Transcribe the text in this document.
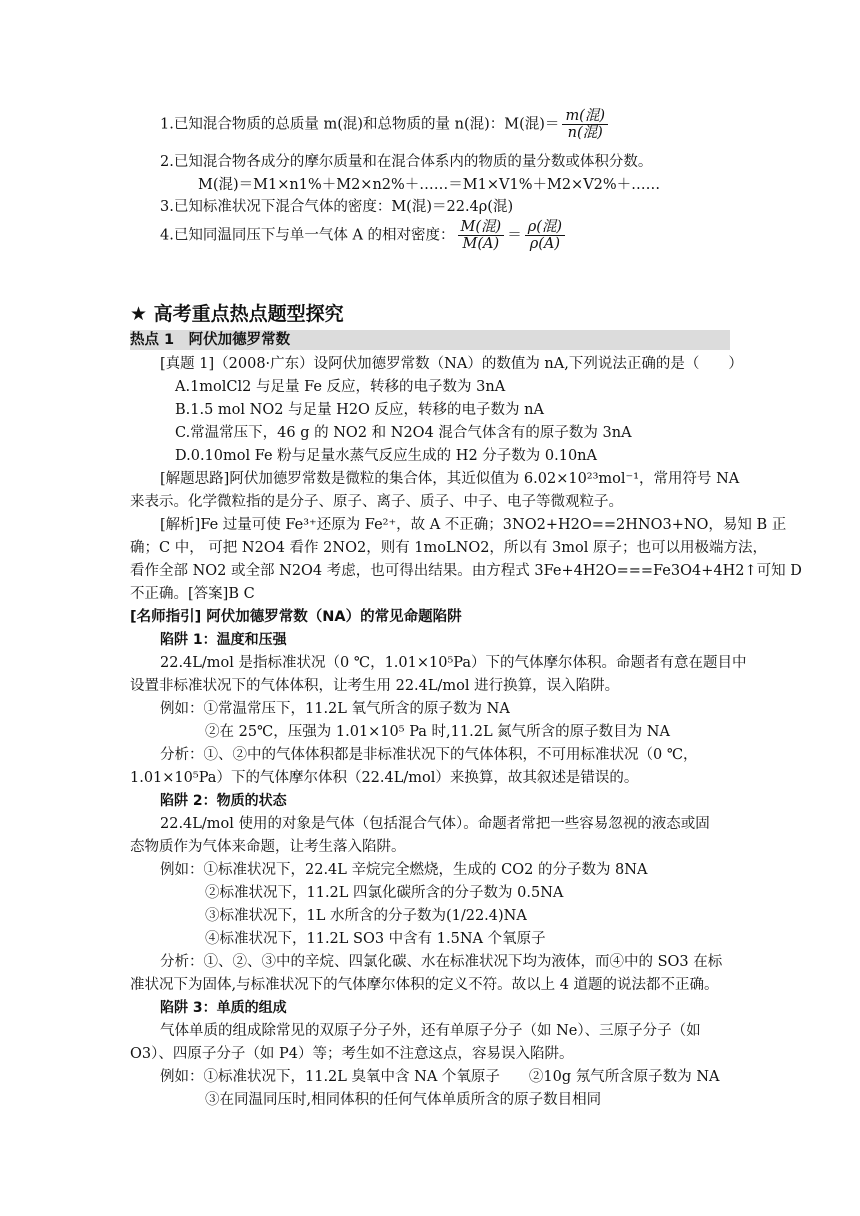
1.已知混合物质的总质量 m(混)和总物质的量 n(混)：M(混)＝ $\frac{\text{m(混)}}{\text{n(混)}}$
2.已知混合物各成分的摩尔质量和在混合体系内的物质的量分数或体积分数。
M(混)＝M1×n1%＋M2×n2%＋……＝M1×V1%＋M2×V2%＋……
3.已知标准状况下混合气体的密度：M(混)＝22.4ρ(混)
4.已知同温同压下与单一气体 A 的相对密度： $\frac{\text{M(混)}}{M(A)} = \frac{\text{ρ(混)}}{\rho(A)}$
★ 高考重点热点题型探究
热点 1　阿伏加德罗常数
[真题 1]（2008·广东）设阿伏加德罗常数（NA）的数值为 nA,下列说法正确的是（　　）
A.1molCl2 与足量 Fe 反应，转移的电子数为 3nA
B.1.5 mol NO2 与足量 H2O 反应，转移的电子数为 nA
C.常温常压下，46 g 的 NO2 和 N2O4 混合气体含有的原子数为 3nA
D.0.10mol Fe 粉与足量水蒸气反应生成的 H2 分子数为 0.10nA
[解题思路]阿伏加德罗常数是微粒的集合体，其近似值为 6.02×10²³mol⁻¹，常用符号 NA
来表示。化学微粒指的是分子、原子、离子、质子、中子、电子等微观粒子。
[解析]Fe 过量可使 Fe³⁺还原为 Fe²⁺，故 A 不正确；3NO2+H2O==2HNO3+NO，易知 B 正
确；C 中， 可把 N2O4 看作 2NO2，则有 1moLNO2，所以有 3mol 原子；也可以用极端方法，
看作全部 NO2 或全部 N2O4 考虑，也可得出结果。由方程式 3Fe+4H2O===Fe3O4+4H2↑可知 D
不正确。[答案]B C
[名师指引] 阿伏加德罗常数（NA）的常见命题陷阱
陷阱 1：温度和压强
22.4L/mol 是指标准状况（0 ℃，1.01×10⁵Pa）下的气体摩尔体积。命题者有意在题目中
设置非标准状况下的气体体积，让考生用 22.4L/mol 进行换算，误入陷阱。
例如：①常温常压下，11.2L 氧气所含的原子数为 NA
②在 25℃，压强为 1.01×10⁵ Pa 时,11.2L 氮气所含的原子数目为 NA
分析：①、②中的气体体积都是非标准状况下的气体体积，不可用标准状况（0 ℃，
1.01×10⁵Pa）下的气体摩尔体积（22.4L/mol）来换算，故其叙述是错误的。
陷阱 2：物质的状态
22.4L/mol 使用的对象是气体（包括混合气体）。命题者常把一些容易忽视的液态或固
态物质作为气体来命题，让考生落入陷阱。
例如：①标准状况下，22.4L 辛烷完全燃烧，生成的 CO2 的分子数为 8NA
②标准状况下，11.2L 四氯化碳所含的分子数为 0.5NA
③标准状况下，1L 水所含的分子数为(1/22.4)NA
④标准状况下，11.2L SO3 中含有 1.5NA 个氧原子
分析：①、②、③中的辛烷、四氯化碳、水在标准状况下均为液体，而④中的 SO3 在标
准状况下为固体,与标准状况下的气体摩尔体积的定义不符。故以上 4 道题的说法都不正确。
陷阱 3：单质的组成
气体单质的组成除常见的双原子分子外，还有单原子分子（如 Ne）、三原子分子（如
O3）、四原子分子（如 P4）等；考生如不注意这点，容易误入陷阱。
例如：①标准状况下，11.2L 臭氧中含 NA 个氧原子　　②10g 氖气所含原子数为 NA
③在同温同压时,相同体积的任何气体单质所含的原子数目相同
